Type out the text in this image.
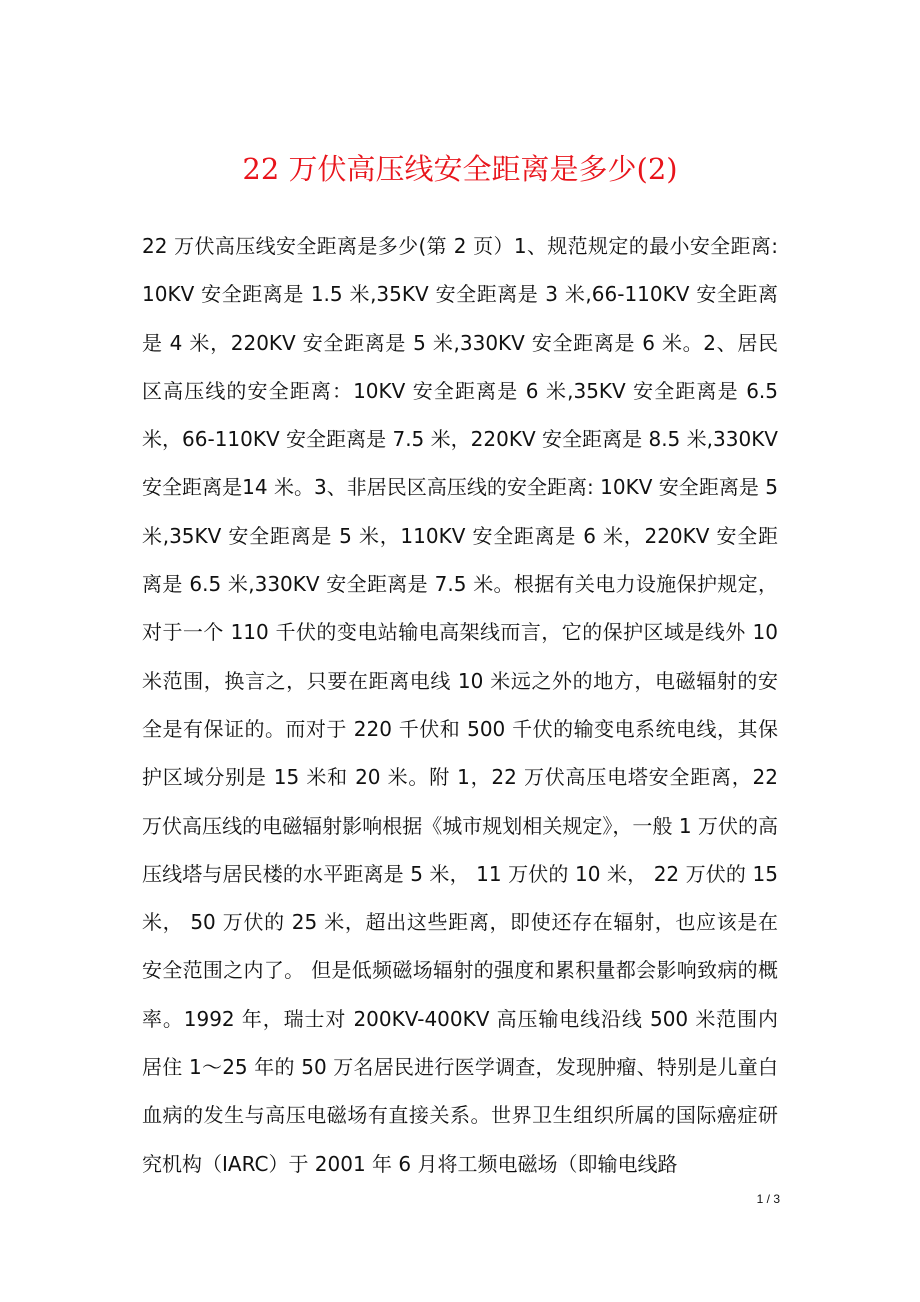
22 万伏高压线安全距离是多少(2)

22 万伏高压线安全距离是多少(第 2 页）1、规范规定的最小安全距离:10KV 安全距离是 1.5 米,35KV 安全距离是 3 米,66-110KV 安全距离是 4 米，220KV 安全距离是 5 米,330KV 安全距离是 6 米。2、居民区高压线的安全距离：10KV 安全距离是 6 米,35KV 安全距离是 6.5 米，66-110KV 安全距离是 7.5 米，220KV 安全距离是 8.5 米,330KV 安全距离是14 米。3、非居民区高压线的安全距离: 10KV 安全距离是 5 米,35KV 安全距离是 5 米，110KV 安全距离是 6 米，220KV 安全距离是 6.5 米,330KV 安全距离是 7.5 米。根据有关电力设施保护规定，对于一个 110 千伏的变电站输电高架线而言，它的保护区域是线外 10 米范围，换言之，只要在距离电线 10 米远之外的地方，电磁辐射的安全是有保证的。而对于 220 千伏和 500 千伏的输变电系统电线，其保护区域分别是 15 米和 20 米。附 1，22 万伏高压电塔安全距离，22 万伏高压线的电磁辐射影响根据《城市规划相关规定》，一般 1 万伏的高压线塔与居民楼的水平距离是 5 米， 11 万伏的 10 米， 22 万伏的 15 米， 50 万伏的 25 米，超出这些距离，即使还存在辐射，也应该是在安全范围之内了。 但是低频磁场辐射的强度和累积量都会影响致病的概率。1992 年，瑞士对 200KV-400KV 高压输电线沿线 500 米范围内居住 1～25 年的 50 万名居民进行医学调查，发现肿瘤、特别是儿童白血病的发生与高压电磁场有直接关系。世界卫生组织所属的国际癌症研究机构（IARC）于 2001 年 6 月将工频电磁场（即输电线路

1 / 3
